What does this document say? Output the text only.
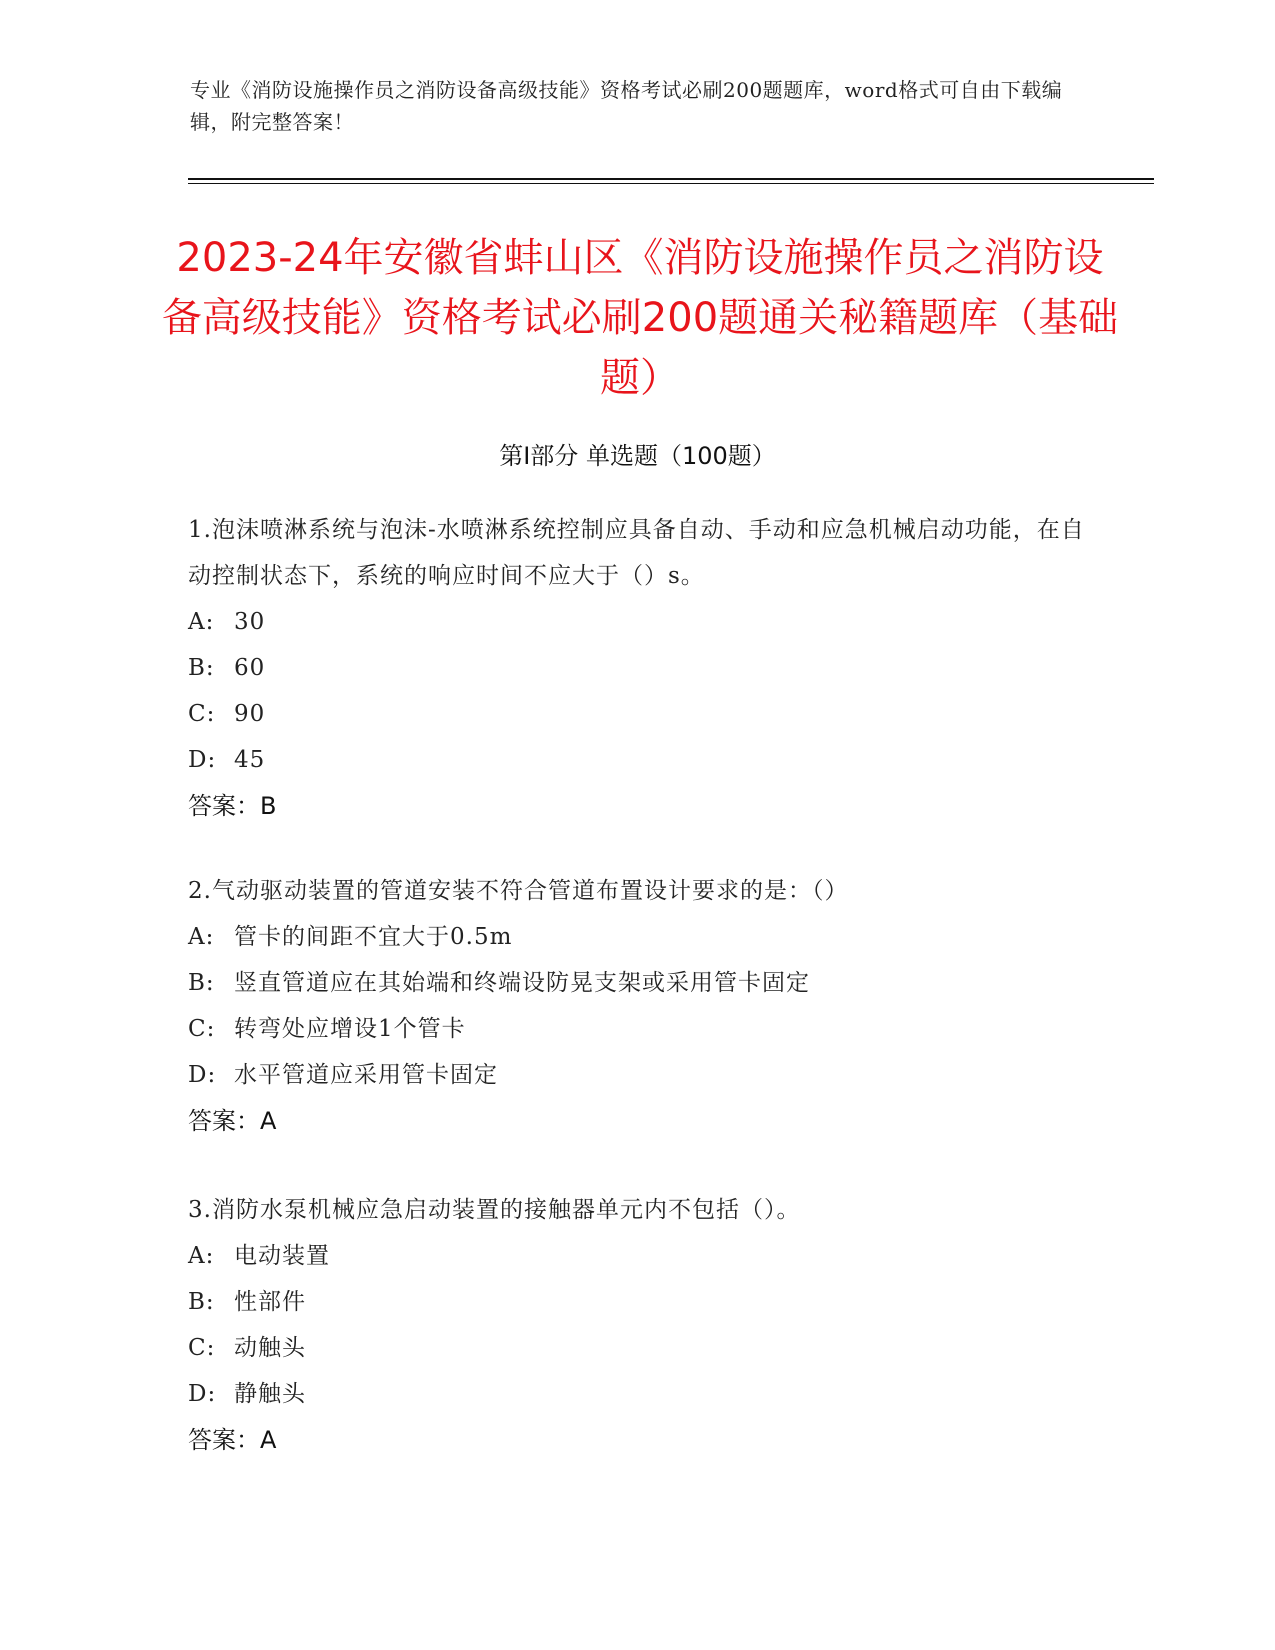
专业《消防设施操作员之消防设备高级技能》资格考试必刷200题题库，word格式可自由下载编辑，附完整答案！
2023-24年安徽省蚌山区《消防设施操作员之消防设备高级技能》资格考试必刷200题通关秘籍题库（基础题）
第I部分 单选题（100题）

1.泡沫喷淋系统与泡沫-水喷淋系统控制应具备自动、手动和应急机械启动功能，在自动控制状态下，系统的响应时间不应大于（）s。

A: 30

B: 60

C: 90

D: 45

答案：B

2.气动驱动装置的管道安装不符合管道布置设计要求的是：（）

A: 管卡的间距不宜大于0.5m

B: 竖直管道应在其始端和终端设防晃支架或采用管卡固定

C: 转弯处应增设1个管卡

D: 水平管道应采用管卡固定

答案：A

3.消防水泵机械应急启动装置的接触器单元内不包括（）。

A: 电动装置

B: 性部件

C: 动触头

D: 静触头

答案：A
